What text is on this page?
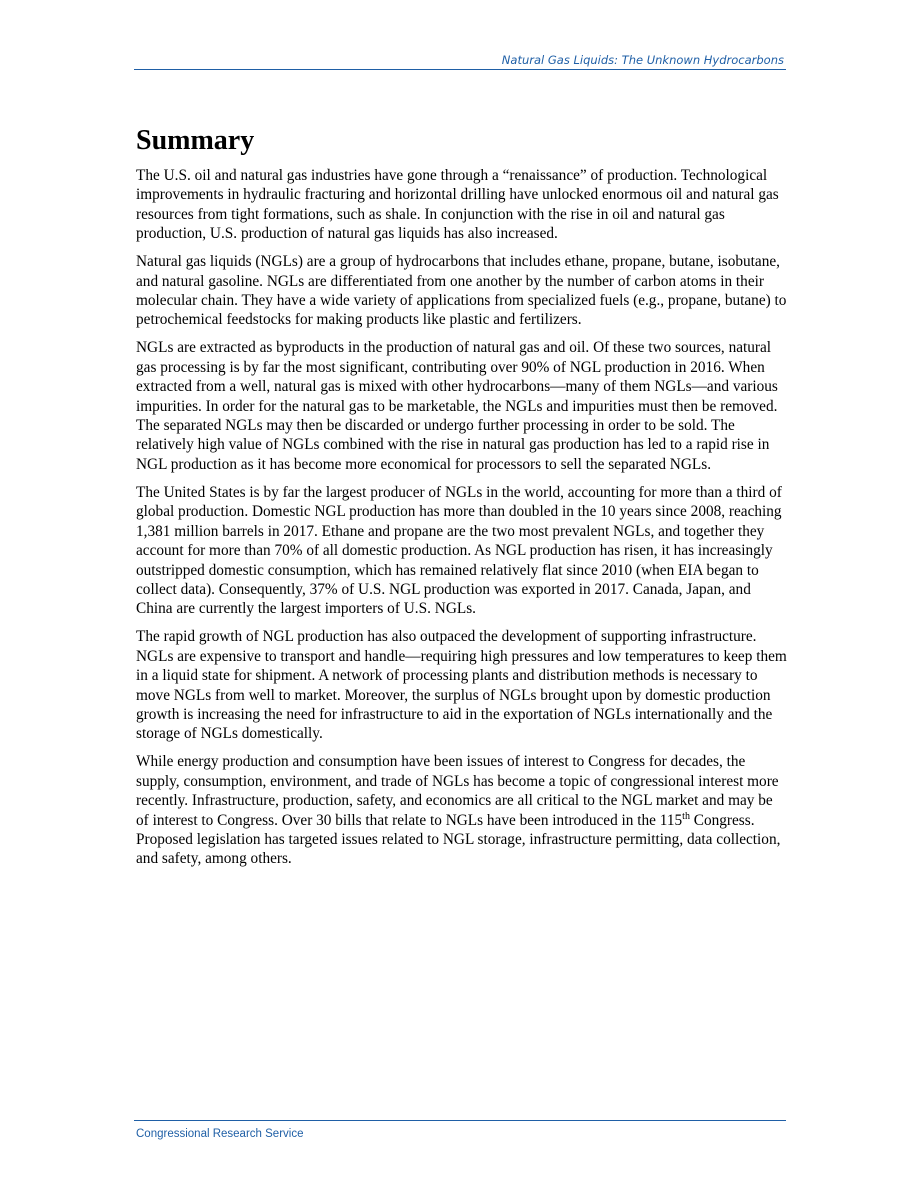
Natural Gas Liquids: The Unknown Hydrocarbons
Summary

The U.S. oil and natural gas industries have gone through a “renaissance” of production. Technological improvements in hydraulic fracturing and horizontal drilling have unlocked enormous oil and natural gas resources from tight formations, such as shale. In conjunction with the rise in oil and natural gas production, U.S. production of natural gas liquids has also increased.

Natural gas liquids (NGLs) are a group of hydrocarbons that includes ethane, propane, butane, isobutane, and natural gasoline. NGLs are differentiated from one another by the number of carbon atoms in their molecular chain. They have a wide variety of applications from specialized fuels (e.g., propane, butane) to petrochemical feedstocks for making products like plastic and fertilizers.

NGLs are extracted as byproducts in the production of natural gas and oil. Of these two sources, natural gas processing is by far the most significant, contributing over 90% of NGL production in 2016. When extracted from a well, natural gas is mixed with other hydrocarbons—many of them NGLs—and various impurities. In order for the natural gas to be marketable, the NGLs and impurities must then be removed. The separated NGLs may then be discarded or undergo further processing in order to be sold. The relatively high value of NGLs combined with the rise in natural gas production has led to a rapid rise in NGL production as it has become more economical for processors to sell the separated NGLs.

The United States is by far the largest producer of NGLs in the world, accounting for more than a third of global production. Domestic NGL production has more than doubled in the 10 years since 2008, reaching 1,381 million barrels in 2017. Ethane and propane are the two most prevalent NGLs, and together they account for more than 70% of all domestic production. As NGL production has risen, it has increasingly outstripped domestic consumption, which has remained relatively flat since 2010 (when EIA began to collect data). Consequently, 37% of U.S. NGL production was exported in 2017. Canada, Japan, and China are currently the largest importers of U.S. NGLs.

The rapid growth of NGL production has also outpaced the development of supporting infrastructure. NGLs are expensive to transport and handle—requiring high pressures and low temperatures to keep them in a liquid state for shipment. A network of processing plants and distribution methods is necessary to move NGLs from well to market. Moreover, the surplus of NGLs brought upon by domestic production growth is increasing the need for infrastructure to aid in the exportation of NGLs internationally and the storage of NGLs domestically.

While energy production and consumption have been issues of interest to Congress for decades, the supply, consumption, environment, and trade of NGLs has become a topic of congressional interest more recently. Infrastructure, production, safety, and economics are all critical to the NGL market and may be of interest to Congress. Over 30 bills that relate to NGLs have been introduced in the 115th Congress. Proposed legislation has targeted issues related to NGL storage, infrastructure permitting, data collection, and safety, among others.

Congressional Research Service
